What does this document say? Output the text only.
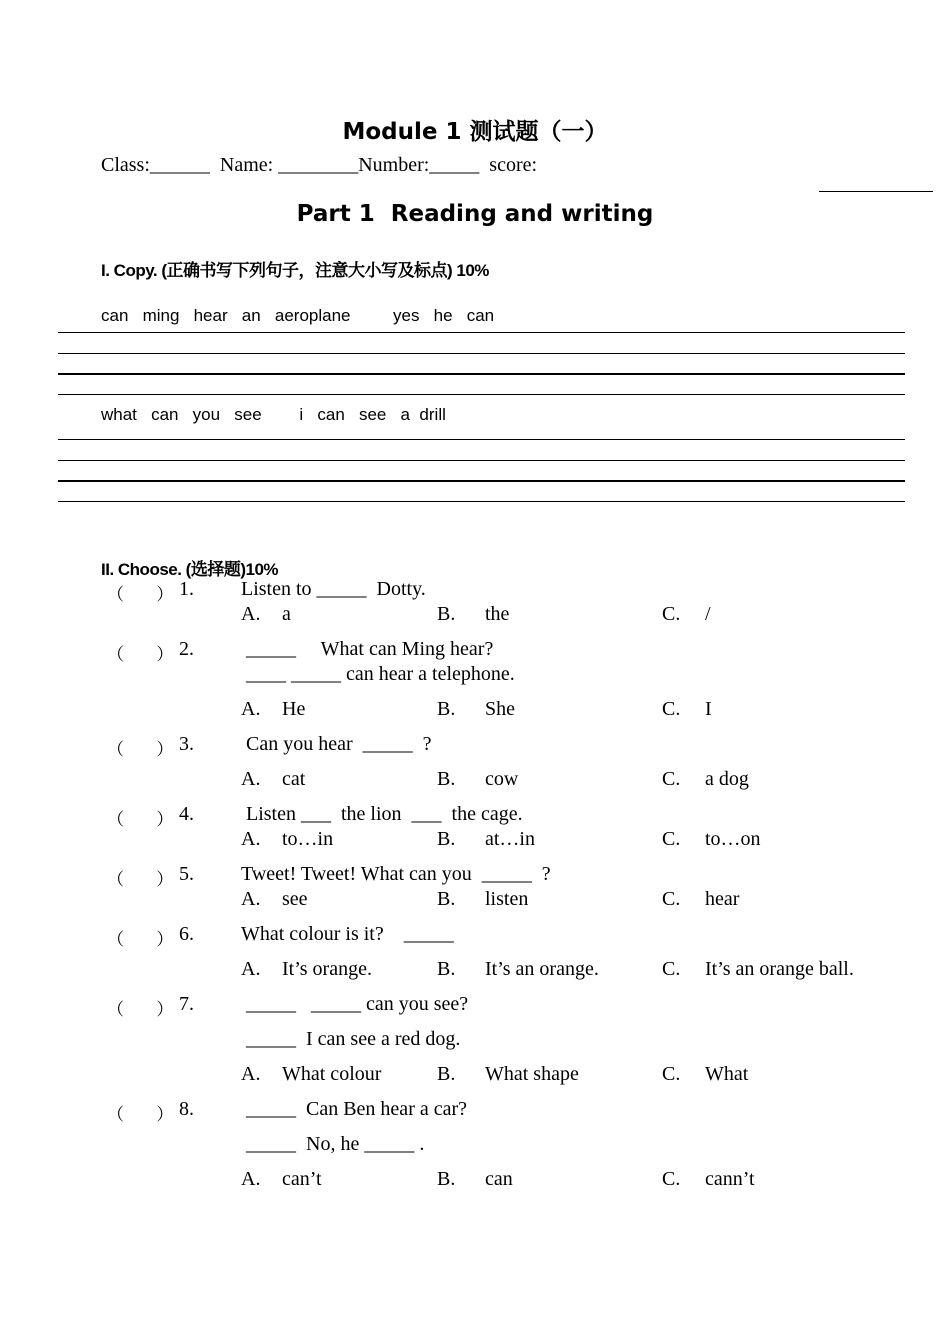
Module 1 测试题（一）
Class:______  Name: ________Number:_____  score:
Part 1  Reading and writing
I. Copy. (正确书写下列句子，注意大小写及标点) 10%
can   ming   hear   an   aeroplane         yes   he   can
what   can   you   see        i   can   see   a  drill
II. Choose. (选择题)10%
（      ） 1. Listen to _____  Dotty.
A. a	B. the	C. /
（      ） 2. _____     What can Ming hear?
____ _____ can hear a telephone.
A. He	B. She	C. I
（      ） 3. Can you hear  _____  ?
A. cat	B. cow	C. a dog
（      ） 4. Listen ___  the lion  ___  the cage.
A. to…in	B. at…in	C. to…on
（      ） 5. Tweet! Tweet! What can you  _____  ?
A. see	B. listen	C. hear
（      ） 6. What colour is it?    _____
A. It’s orange.	B. It’s an orange.	C. It’s an orange ball.
（      ） 7. _____   _____ can you see?
_____  I can see a red dog.
A. What colour	B. What shape	C. What
（      ） 8. _____  Can Ben hear a car?
_____  No, he _____ .
A. can’t	B. can	C. cann’t
